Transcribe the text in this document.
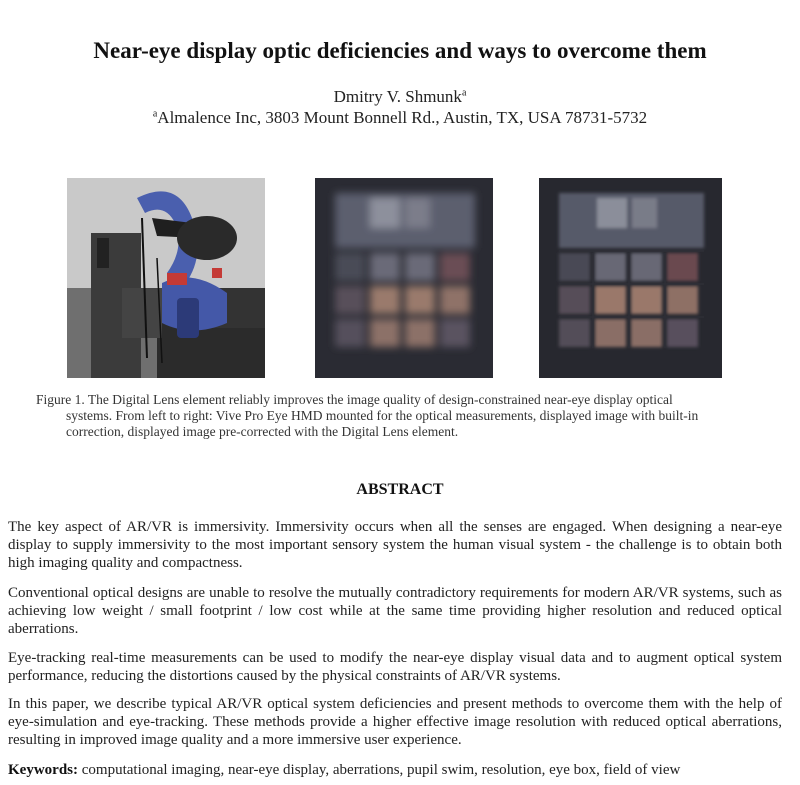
Near-eye display optic deficiencies and ways to overcome them
Dmitry V. Shmunk$^a$
$^a$Almalence Inc, 3803 Mount Bonnell Rd., Austin, TX, USA 78731-5732
Figure 1. The Digital Lens element reliably improves the image quality of design-constrained near-eye display optical
systems. From left to right: Vive Pro Eye HMD mounted for the optical measurements, displayed image with built-in correction, displayed image pre-corrected with the Digital Lens element.
ABSTRACT
The key aspect of AR/VR is immersivity. Immersivity occurs when all the senses are engaged. When designing a near-eye display to supply immersivity to the most important sensory system the human visual system - the challenge is to obtain both high imaging quality and compactness.
Conventional optical designs are unable to resolve the mutually contradictory requirements for modern AR/VR systems, such as achieving low weight / small footprint / low cost while at the same time providing higher resolution and reduced optical aberrations.
Eye-tracking real-time measurements can be used to modify the near-eye display visual data and to augment optical system performance, reducing the distortions caused by the physical constraints of AR/VR systems.
In this paper, we describe typical AR/VR optical system deficiencies and present methods to overcome them with the help of eye-simulation and eye-tracking. These methods provide a higher effective image resolution with reduced optical aberrations, resulting in improved image quality and a more immersive user experience.
Keywords: computational imaging, near-eye display, aberrations, pupil swim, resolution, eye box, field of view
